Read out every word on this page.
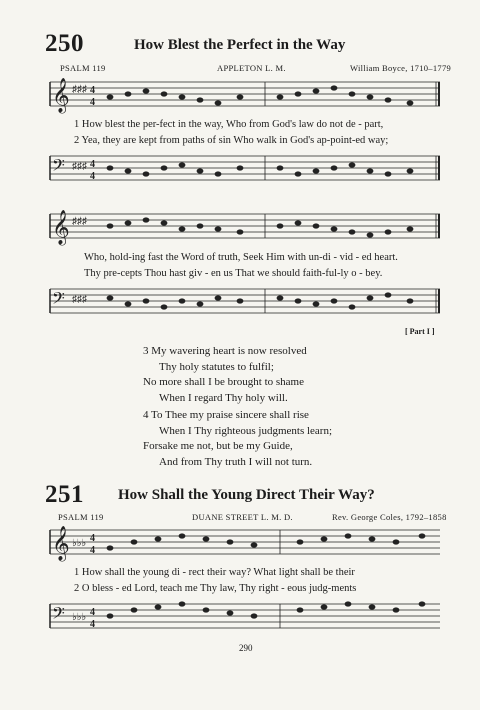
250	How Blest the Perfect in the Way
PSALM 119	APPLETON L. M.	William Boyce, 1710–1779
𝄞 ♯♯♯ 4
4
1 How blest the per-fect in the way, Who from God's law do not de - part,
2 Yea, they are kept from paths of sin Who walk in God's ap-point-ed way;
𝄢 ♯♯♯ 4
4
𝄞 ♯♯♯
Who, hold-ing fast the Word of truth, Seek Him with un-di - vid - ed heart.
Thy pre-cepts Thou hast giv - en us That we should faith-ful-ly o - bey.
𝄢 ♯♯♯
[ Part I ]
3 My wavering heart is now resolved
Thy holy statutes to fulfil;
No more shall I be brought to shame
When I regard Thy holy will.
4 To Thee my praise sincere shall rise
When I Thy righteous judgments learn;
Forsake me not, but be my Guide,
And from Thy truth I will not turn.
251 How Shall the Young Direct Their Way?
PSALM 119	DUANE STREET L. M. D.	Rev. George Coles, 1792–1858
𝄞 ♭♭♭ 4
4
1 How shall the young di - rect their way? What light shall be their
2 O bless - ed Lord, teach me Thy law, Thy right - eous judg-ments
𝄢 ♭♭♭ 4
4
290
